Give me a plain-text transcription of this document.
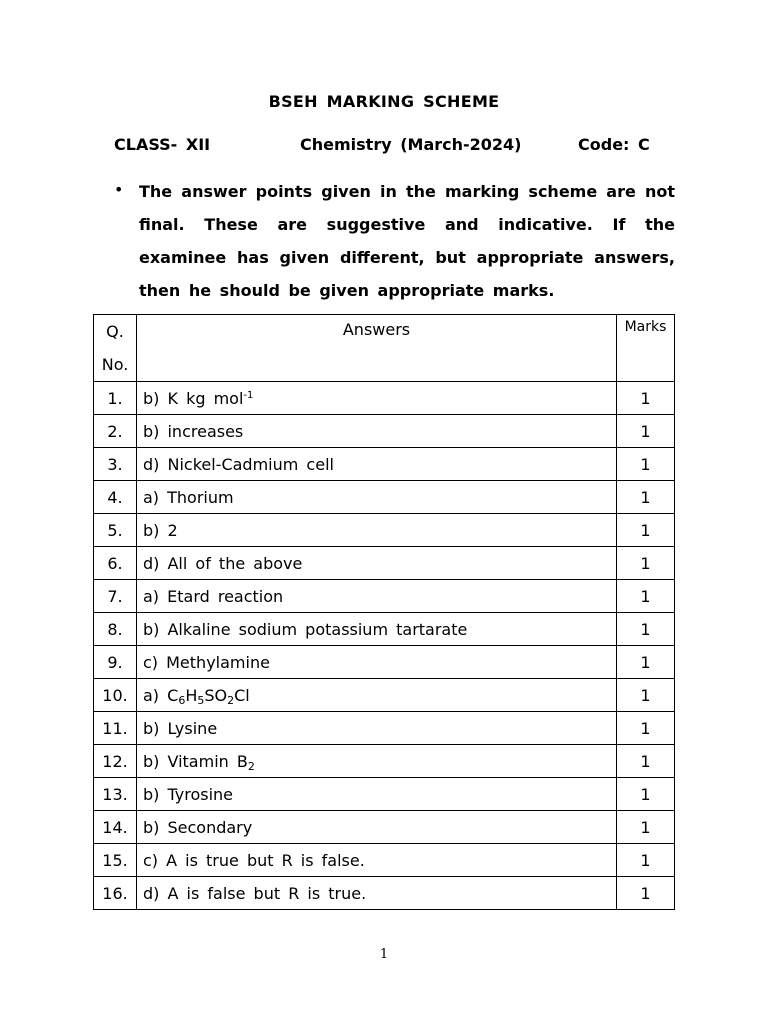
BSEH MARKING SCHEME
CLASS- XII	Chemistry (March-2024)	Code: C
• The answer points given in the marking scheme are not final. These are suggestive and indicative. If the examinee has given different, but appropriate answers, then he should be given appropriate marks.
Q.
No.	Answers	Marks
1.	b) K kg mol$^{-1}$	1
2.	b) increases	1
3.	d) Nickel-Cadmium cell	1
4.	a) Thorium	1
5.	b) 2	1
6.	d) All of the above	1
7.	a) Etard reaction	1
8.	b) Alkaline sodium potassium tartarate	1
9.	c) Methylamine	1
10.	a) $C_6H_5SO_2Cl$	1
11.	b) Lysine	1
12.	b) Vitamin $B_2$	1
13.	b) Tyrosine	1
14.	b) Secondary	1
15.	c) A is true but R is false.	1
16.	d) A is false but R is true.	1
1
